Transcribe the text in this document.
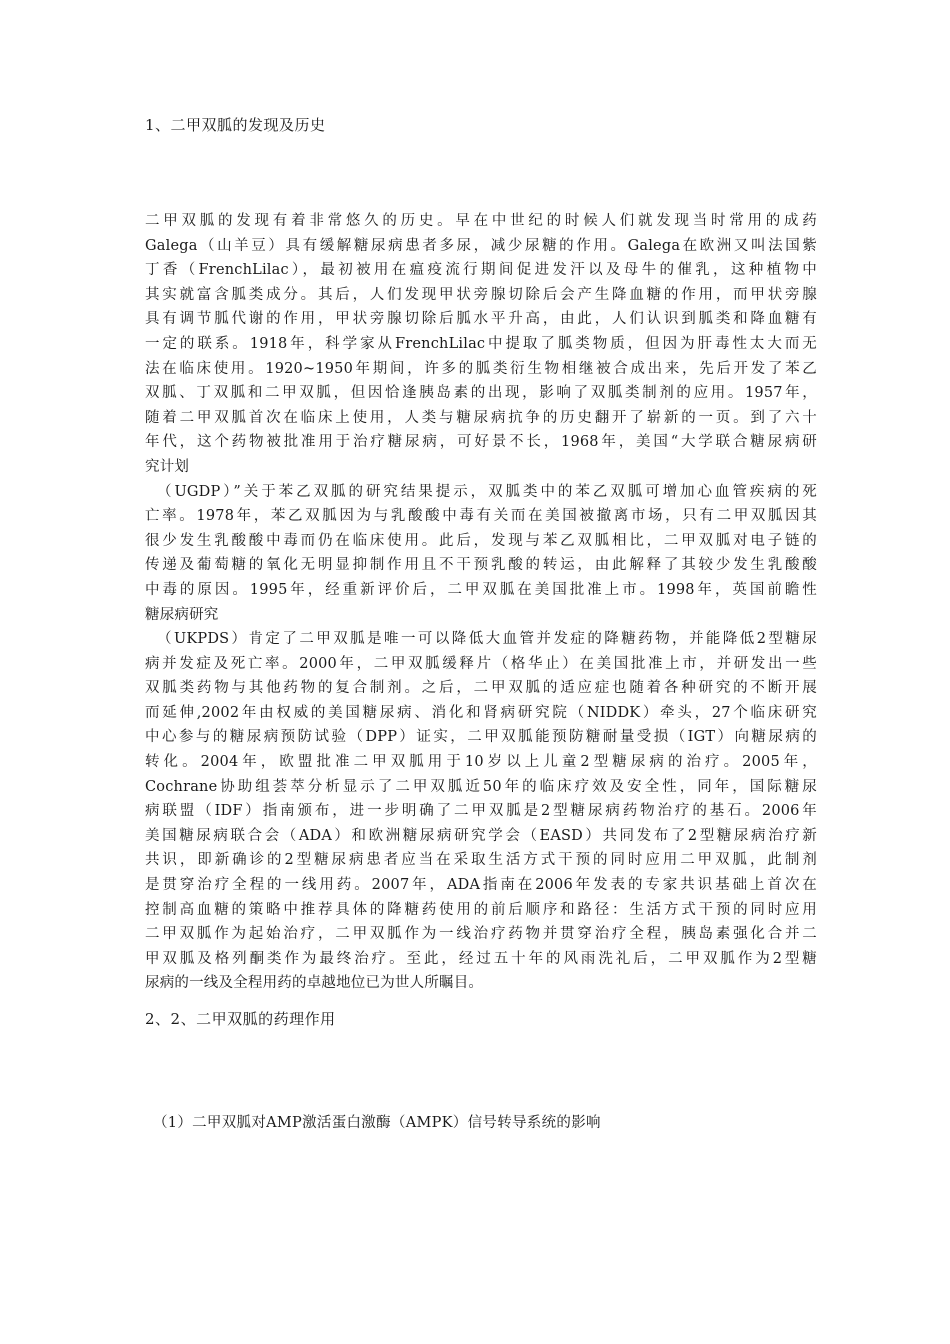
1、二甲双胍的发现及历史
二甲双胍的发现有着非常悠久的历史。早在中世纪的时候人们就发现当时常用的成药
Galega（山羊豆）具有缓解糖尿病患者多尿，减少尿糖的作用。Galega在欧洲又叫法国紫
丁香（FrenchLilac），最初被用在瘟疫流行期间促进发汗以及母牛的催乳，这种植物中
其实就富含胍类成分。其后，人们发现甲状旁腺切除后会产生降血糖的作用，而甲状旁腺
具有调节胍代谢的作用，甲状旁腺切除后胍水平升高，由此，人们认识到胍类和降血糖有
一定的联系。1918年，科学家从FrenchLilac中提取了胍类物质，但因为肝毒性太大而无
法在临床使用。1920~1950年期间，许多的胍类衍生物相继被合成出来，先后开发了苯乙
双胍、丁双胍和二甲双胍，但因恰逢胰岛素的出现，影响了双胍类制剂的应用。1957年，
随着二甲双胍首次在临床上使用，人类与糖尿病抗争的历史翻开了崭新的一页。到了六十
年代，这个药物被批准用于治疗糖尿病，可好景不长，1968年，美国“大学联合糖尿病研
究计划
（UGDP）”关于苯乙双胍的研究结果提示，双胍类中的苯乙双胍可增加心血管疾病的死
亡率。1978年，苯乙双胍因为与乳酸酸中毒有关而在美国被撤离市场，只有二甲双胍因其
很少发生乳酸酸中毒而仍在临床使用。此后，发现与苯乙双胍相比，二甲双胍对电子链的
传递及葡萄糖的氧化无明显抑制作用且不干预乳酸的转运，由此解释了其较少发生乳酸酸
中毒的原因。1995年，经重新评价后，二甲双胍在美国批准上市。1998年，英国前瞻性
糖尿病研究
（UKPDS）肯定了二甲双胍是唯一可以降低大血管并发症的降糖药物，并能降低2型糖尿
病并发症及死亡率。2000年，二甲双胍缓释片（格华止）在美国批准上市，并研发出一些
双胍类药物与其他药物的复合制剂。之后，二甲双胍的适应症也随着各种研究的不断开展
而延伸,2002年由权威的美国糖尿病、消化和肾病研究院（NIDDK）牵头，27个临床研究
中心参与的糖尿病预防试验（DPP）证实，二甲双胍能预防糖耐量受损（IGT）向糖尿病的
转化。2004年，欧盟批准二甲双胍用于10岁以上儿童2型糖尿病的治疗。2005年，
Cochrane协助组荟萃分析显示了二甲双胍近50年的临床疗效及安全性，同年，国际糖尿
病联盟（IDF）指南颁布，进一步明确了二甲双胍是2型糖尿病药物治疗的基石。2006年
美国糖尿病联合会（ADA）和欧洲糖尿病研究学会（EASD）共同发布了2型糖尿病治疗新
共识，即新确诊的2型糖尿病患者应当在采取生活方式干预的同时应用二甲双胍，此制剂
是贯穿治疗全程的一线用药。2007年，ADA指南在2006年发表的专家共识基础上首次在
控制高血糖的策略中推荐具体的降糖药使用的前后顺序和路径：生活方式干预的同时应用
二甲双胍作为起始治疗，二甲双胍作为一线治疗药物并贯穿治疗全程，胰岛素强化合并二
甲双胍及格列酮类作为最终治疗。至此，经过五十年的风雨洗礼后，二甲双胍作为2型糖
尿病的一线及全程用药的卓越地位已为世人所瞩目。
2、2、二甲双胍的药理作用
（1）二甲双胍对AMP激活蛋白激酶（AMPK）信号转导系统的影响
